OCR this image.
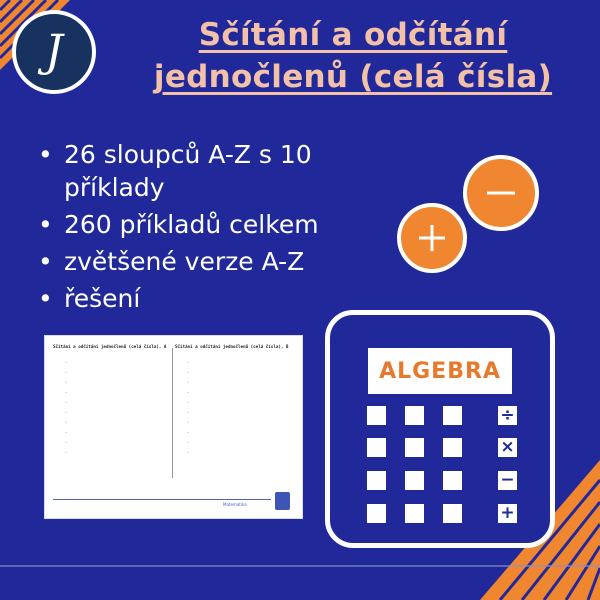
J	Sčítání a odčítání
jednočlenů (celá čísla)
• 26 sloupců A-Z s 10 příklady
• 260 příkladů celkem
• zvětšené verze A-Z
• řešení
Sčítání a odčítání jednočlenů (celá čísla), A
–
–
–
–
–
–
–
–
–
–
Sčítání a odčítání jednočlenů (celá čísla), B
–
–
–
–
–
–
–
–
–
–
Matematika
ALGEBRA
÷
×
−
+
